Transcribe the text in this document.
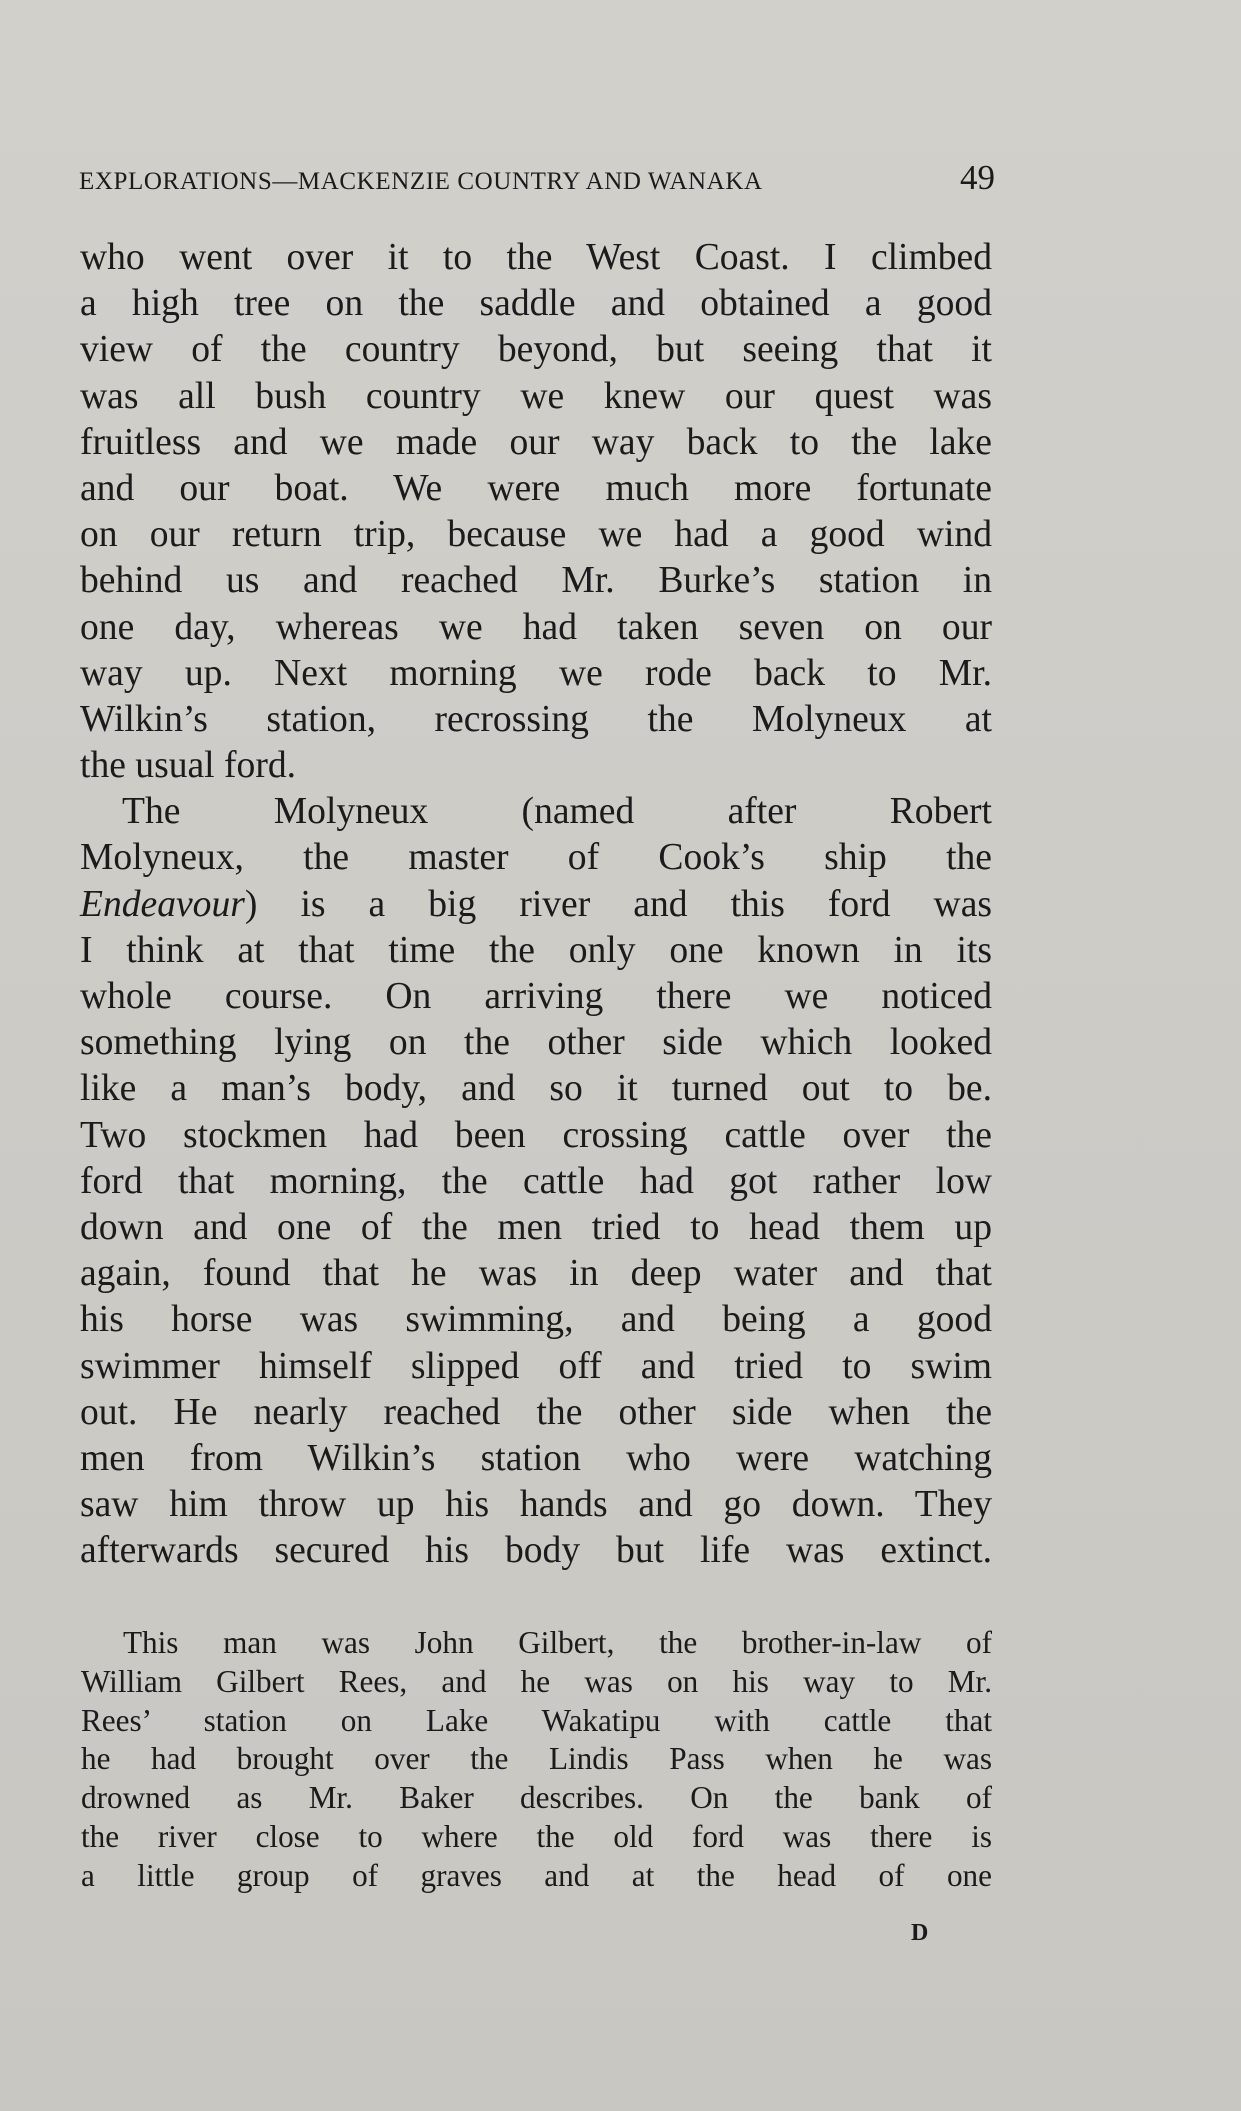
EXPLORATIONS—MACKENZIE COUNTRY AND WANAKA	49
who went over it to the West Coast. I climbed
a high tree on the saddle and obtained a good
view of the country beyond, but seeing that it
was all bush country we knew our quest was
fruitless and we made our way back to the lake
and our boat. We were much more fortunate
on our return trip, because we had a good wind
behind us and reached Mr. Burke’s station in
one day, whereas we had taken seven on our
way up. Next morning we rode back to Mr.
Wilkin’s station, recrossing the Molyneux at
the usual ford.
The Molyneux (named after Robert
Molyneux, the master of Cook’s ship the
Endeavour) is a big river and this ford was
I think at that time the only one known in its
whole course. On arriving there we noticed
something lying on the other side which looked
like a man’s body, and so it turned out to be.
Two stockmen had been crossing cattle over the
ford that morning, the cattle had got rather low
down and one of the men tried to head them up
again, found that he was in deep water and that
his horse was swimming, and being a good
swimmer himself slipped off and tried to swim
out. He nearly reached the other side when the
men from Wilkin’s station who were watching
saw him throw up his hands and go down. They
afterwards secured his body but life was extinct.
This man was John Gilbert, the brother-in-law of
William Gilbert Rees, and he was on his way to Mr.
Rees’ station on Lake Wakatipu with cattle that
he had brought over the Lindis Pass when he was
drowned as Mr. Baker describes. On the bank of
the river close to where the old ford was there is
a little group of graves and at the head of one
D
